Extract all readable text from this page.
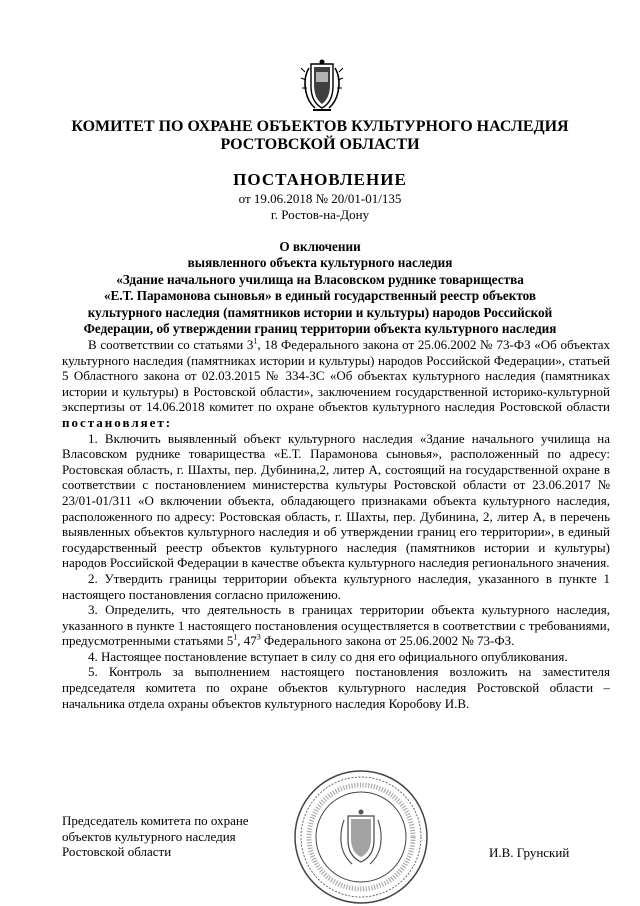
КОМИТЕТ ПО ОХРАНЕ ОБЪЕКТОВ КУЛЬТУРНОГО НАСЛЕДИЯ
РОСТОВСКОЙ ОБЛАСТИ
ПОСТАНОВЛЕНИЕ
от 19.06.2018 № 20/01-01/135
г. Ростов-на-Дону
О включении
выявленного объекта культурного наследия
«Здание начального училища на Власовском руднике товарищества
«Е.Т. Парамонова сыновья» в единый государственный реестр объектов
культурного наследия (памятников истории и культуры) народов Российской
Федерации, об утверждении границ территории объекта культурного наследия

В соответствии со статьями $3^1$, 18 Федерального закона от 25.06.2002 № 73-ФЗ «Об объектах культурного наследия (памятниках истории и культуры) народов Российской Федерации», статьей 5 Областного закона от 02.03.2015 № 334-ЗС «Об объектах культурного наследия (памятниках истории и культуры) в Ростовской области», заключением государственной историко-культурной экспертизы от 14.06.2018 комитет по охране объектов культурного наследия Ростовской области постановляет:

1. Включить выявленный объект культурного наследия «Здание начального училища на Власовском руднике товарищества «Е.Т. Парамонова сыновья», расположенный по адресу: Ростовская область, г. Шахты, пер. Дубинина,2, литер А, состоящий на государственной охране в соответствии с постановлением министерства культуры Ростовской области от 23.06.2017 № 23/01-01/311 «О включении объекта, обладающего признаками объекта культурного наследия, расположенного по адресу: Ростовская область, г. Шахты, пер. Дубинина, 2, литер А, в перечень выявленных объектов культурного наследия и об утверждении границ его территории», в единый государственный реестр объектов культурного наследия (памятников истории и культуры) народов Российской Федерации в качестве объекта культурного наследия регионального значения.

2. Утвердить границы территории объекта культурного наследия, указанного в пункте 1 настоящего постановления согласно приложению.

3. Определить, что деятельность в границах территории объекта культурного наследия, указанного в пункте 1 настоящего постановления осуществляется в соответствии с требованиями, предусмотренными статьями $5^1$, $47^3$ Федерального закона от 25.06.2002 № 73-ФЗ.

4. Настоящее постановление вступает в силу со дня его официального опубликования.

5. Контроль за выполнением настоящего постановления возложить на заместителя председателя комитета по охране объектов культурного наследия Ростовской области – начальника отдела охраны объектов культурного наследия Коробову И.В.

Председатель комитета по охране
объектов культурного наследия
Ростовской области	И.В. Грунский
